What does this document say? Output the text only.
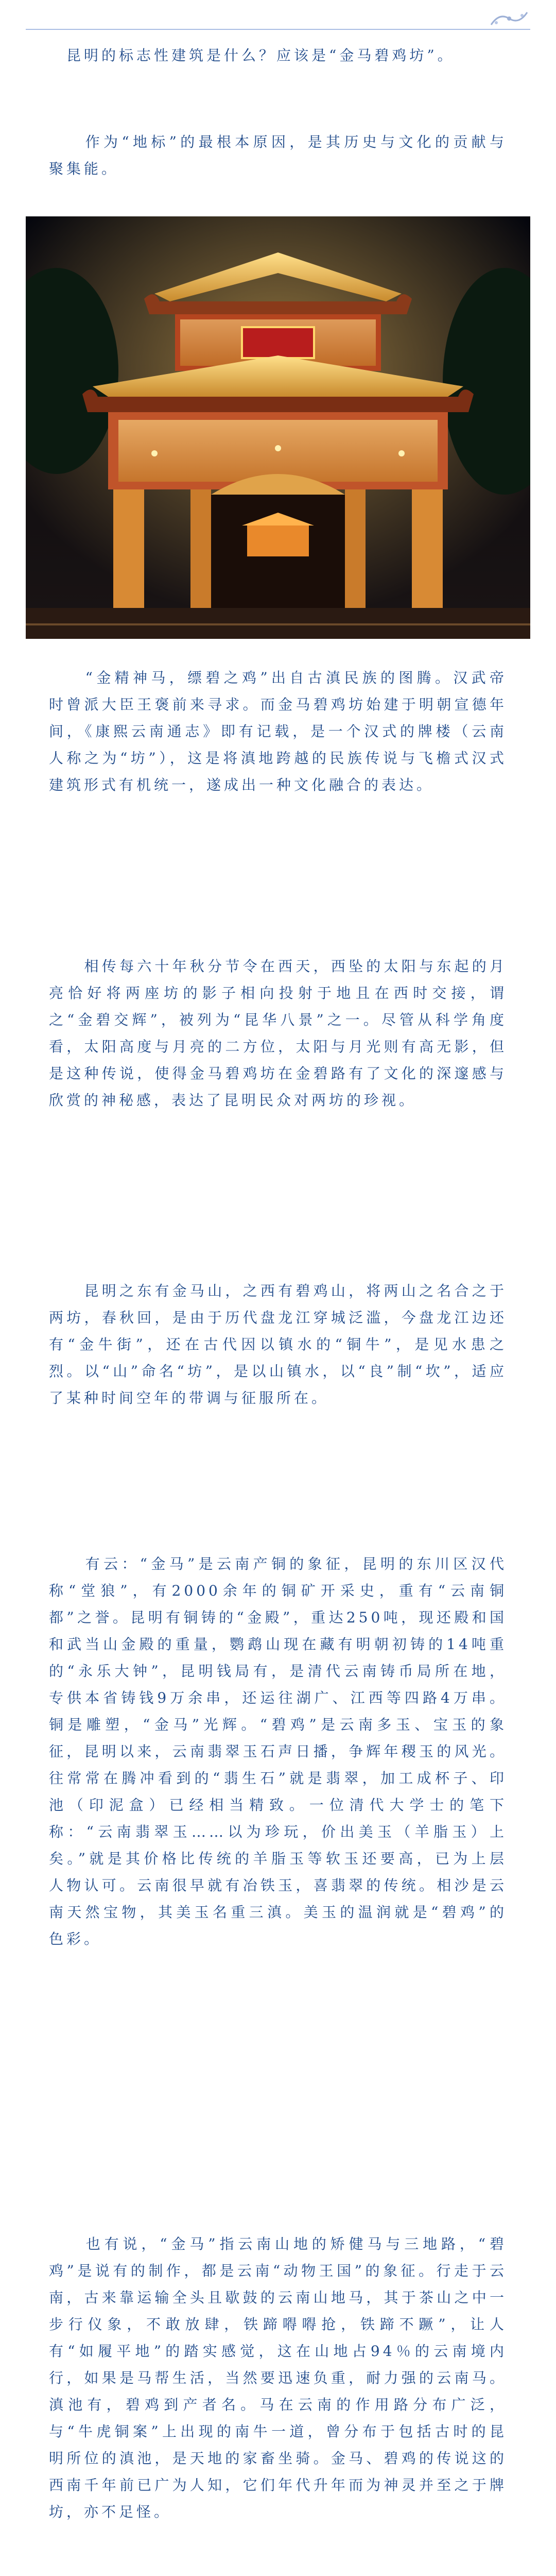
　昆明的标志性建筑是什么？应该是“金马碧鸡坊”。
　　作为“地标”的最根本原因，是其历史与文化的贡献与聚集能。
　　“金精神马，缥碧之鸡”出自古滇民族的图腾。汉武帝时曾派大臣王褒前来寻求。而金马碧鸡坊始建于明朝宣德年间，《康熙云南通志》即有记载，是一个汉式的牌楼（云南人称之为“坊”），这是将滇地跨越的民族传说与飞檐式汉式建筑形式有机统一，遂成出一种文化融合的表达。
　　相传每六十年秋分节令在西天，西坠的太阳与东起的月亮恰好将两座坊的影子相向投射于地且在西时交接，谓之“金碧交辉”，被列为“昆华八景”之一。尽管从科学角度看，太阳高度与月亮的二方位，太阳与月光则有高无影，但是这种传说，使得金马碧鸡坊在金碧路有了文化的深邃感与欣赏的神秘感，表达了昆明民众对两坊的珍视。
　　昆明之东有金马山，之西有碧鸡山，将两山之名合之于两坊，春秋回，是由于历代盘龙江穿城泛滥，今盘龙江边还有“金牛街”，还在古代因以镇水的“铜牛”，是见水患之烈。以“山”命名“坊”，是以山镇水，以“良”制“坎”，适应了某种时间空年的带调与征服所在。
　　有云：“金马”是云南产铜的象征，昆明的东川区汉代称“堂狼”，有2000余年的铜矿开采史，重有“云南铜都”之誉。昆明有铜铸的“金殿”，重达250吨，现还殿和国和武当山金殿的重量，鹦鹉山现在藏有明朝初铸的14吨重的“永乐大钟”，昆明钱局有，是清代云南铸币局所在地，专供本省铸钱9万余串，还运往湖广、江西等四路4万串。铜是雕塑，“金马”光辉。“碧鸡”是云南多玉、宝玉的象征，昆明以来，云南翡翠玉石声日播，争辉年稷玉的风光。往常常在腾冲看到的“翡生石”就是翡翠，加工成杯子、印池（印泥盒）已经相当精致。一位清代大学士的笔下称：“云南翡翠玉……以为珍玩，价出美玉（羊脂玉）上矣。”就是其价格比传统的羊脂玉等软玉还要高，已为上层人物认可。云南很早就有冶铁玉，喜翡翠的传统。相沙是云南天然宝物，其美玉名重三滇。美玉的温润就是“碧鸡”的色彩。
　　也有说，“金马”指云南山地的矫健马与三地路，“碧鸡”是说有的制作，都是云南“动物王国”的象征。行走于云南，古来靠运输全头且歇鼓的云南山地马，其于茶山之中一步行仪象，不敢放肆，铁蹄嘚嘚抢，铁蹄不蹶”，让人有“如履平地”的踏实感觉，这在山地占94％的云南境内行，如果是马帮生活，当然要迅速负重，耐力强的云南马。滇池有，碧鸡到产者名。马在云南的作用路分布广泛，与“牛虎铜案”上出现的南牛一道，曾分布于包括古时的昆明所位的滇池，是天地的家畜坐骑。金马、碧鸡的传说这的西南千年前已广为人知，它们年代升年而为神灵并至之于牌坊，亦不足怪。
